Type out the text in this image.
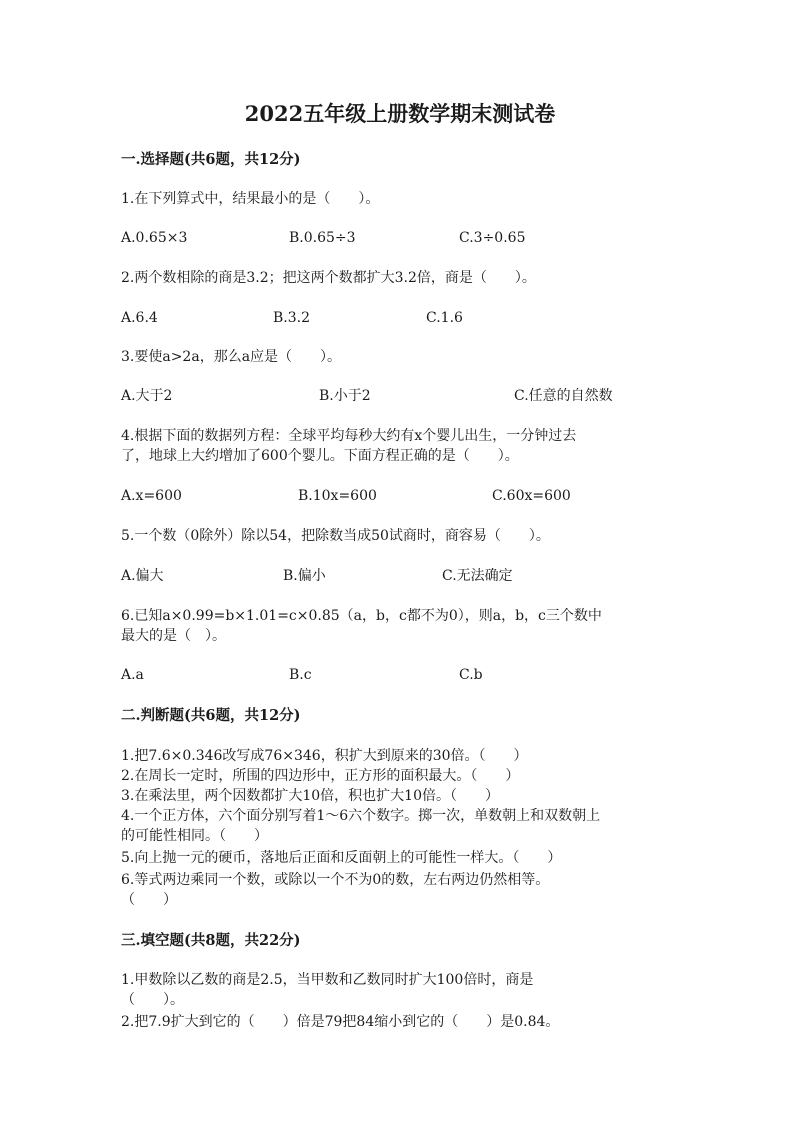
2022五年级上册数学期末测试卷
一.选择题(共6题，共12分)
1.在下列算式中，结果最小的是（　　）。
A.0.65×3	B.0.65÷3	C.3÷0.65
2.两个数相除的商是3.2；把这两个数都扩大3.2倍，商是（　　）。
A.6.4	B.3.2	C.1.6
3.要使a>2a，那么a应是（　　）。
A.大于2	B.小于2	C.任意的自然数
4.根据下面的数据列方程：全球平均每秒大约有x个婴儿出生，一分钟过去
了，地球上大约增加了600个婴儿。下面方程正确的是（　　）。
A.x=600	B.10x=600	C.60x=600
5.一个数（0除外）除以54，把除数当成50试商时，商容易（　　）。
A.偏大	B.偏小	C.无法确定
6.已知a×0.99=b×1.01=c×0.85（a，b，c都不为0），则a，b，c三个数中
最大的是（　）。
A.a	B.c	C.b
二.判断题(共6题，共12分)
1.把7.6×0.346改写成76×346，积扩大到原来的30倍。（　　）
2.在周长一定时，所围的四边形中，正方形的面积最大。（　　）
3.在乘法里，两个因数都扩大10倍，积也扩大10倍。（　　）
4.一个正方体，六个面分别写着1～6六个数字。掷一次，单数朝上和双数朝上
的可能性相同。（　　）
5.向上抛一元的硬币，落地后正面和反面朝上的可能性一样大。（　　）
6.等式两边乘同一个数，或除以一个不为0的数，左右两边仍然相等。
（　　）
三.填空题(共8题，共22分)
1.甲数除以乙数的商是2.5，当甲数和乙数同时扩大100倍时，商是
（　　）。
2.把7.9扩大到它的（　　）倍是79把84缩小到它的（　　）是0.84。
